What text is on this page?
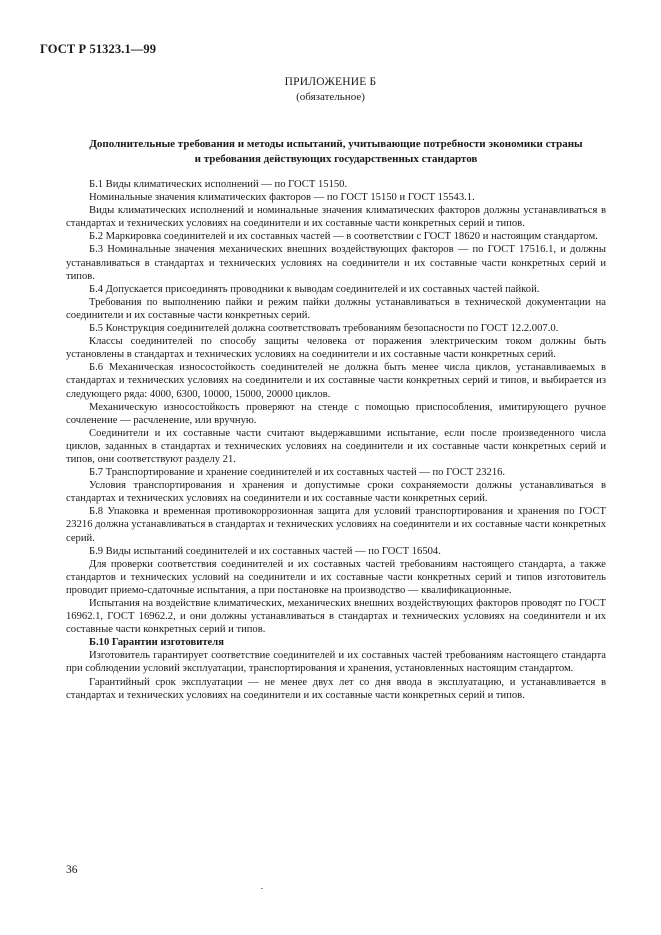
ГОСТ Р 51323.1—99
ПРИЛОЖЕНИЕ Б
(обязательное)
Дополнительные требования и методы испытаний, учитывающие потребности экономики страны
и требования действующих государственных стандартов

Б.1 Виды климатических исполнений — по ГОСТ 15150.

Номинальные значения климатических факторов — по ГОСТ 15150 и ГОСТ 15543.1.

Виды климатических исполнений и номинальные значения климатических факторов должны устанавливаться в стандартах и технических условиях на соединители и их составные части конкретных серий и типов.

Б.2 Маркировка соединителей и их составных частей — в соответствии с ГОСТ 18620 и настоящим стандартом.

Б.3 Номинальные значения механических внешних воздействующих факторов — по ГОСТ 17516.1, и должны устанавливаться в стандартах и технических условиях на соединители и их составные части конкретных серий и типов.

Б.4 Допускается присоединять проводники к выводам соединителей и их составных частей пайкой.

Требования по выполнению пайки и режим пайки должны устанавливаться в технической документации на соединители и их составные части конкретных серий.

Б.5 Конструкция соединителей должна соответствовать требованиям безопасности по ГОСТ 12.2.007.0.

Классы соединителей по способу защиты человека от поражения электрическим током должны быть установлены в стандартах и технических условиях на соединители и их составные части конкретных серий.

Б.6 Механическая износостойкость соединителей не должна быть менее числа циклов, устанавливаемых в стандартах и технических условиях на соединители и их составные части конкретных серий и типов, и выбирается из следующего ряда: 4000, 6300, 10000, 15000, 20000 циклов.

Механическую износостойкость проверяют на стенде с помощью приспособления, имитирующего ручное сочленение — расчленение, или вручную.

Соединители и их составные части считают выдержавшими испытание, если после произведенного числа циклов, заданных в стандартах и технических условиях на соединители и их составные части конкретных серий и типов, они соответствуют разделу 21.

Б.7 Транспортирование и хранение соединителей и их составных частей — по ГОСТ 23216.

Условия транспортирования и хранения и допустимые сроки сохраняемости должны устанавливаться в стандартах и технических условиях на соединители и их составные части конкретных серий.

Б.8 Упаковка и временная противокоррозионная защита для условий транспортирования и хранения по ГОСТ 23216 должна устанавливаться в стандартах и технических условиях на соединители и их составные части конкретных серий.

Б.9 Виды испытаний соединителей и их составных частей — по ГОСТ 16504.

Для проверки соответствия соединителей и их составных частей требованиям настоящего стандарта, а также стандартов и технических условий на соединители и их составные части конкретных серий и типов изготовитель проводит приемо-сдаточные испытания, а при постановке на производство — квалификационные.

Испытания на воздействие климатических, механических внешних воздействующих факторов проводят по ГОСТ 16962.1, ГОСТ 16962.2, и они должны устанавливаться в стандартах и технических условиях на соединители и их составные части конкретных серий и типов.

Б.10 Гарантии изготовителя

Изготовитель гарантирует соответствие соединителей и их составных частей требованиям настоящего стандарта при соблюдении условий эксплуатации, транспортирования и хранения, установленных настоящим стандартом.

Гарантийный срок эксплуатации — не менее двух лет со дня ввода в эксплуатацию, и устанавливается в стандартах и технических условиях на соединители и их составные части конкретных серий и типов.

36
